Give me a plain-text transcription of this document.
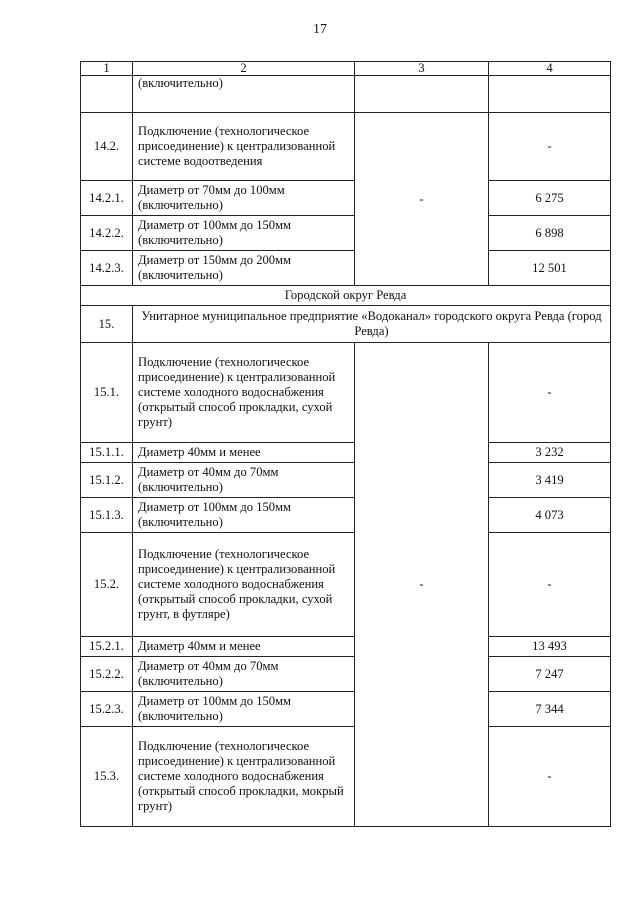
17
1	2	3	4
	(включительно)		
14.2.	Подключение (технологическое присоединение) к централизованной системе водоотведения	-	-
14.2.1.	Диаметр от 70мм до 100мм (включительно)		6 275
14.2.2.	Диаметр от 100мм до 150мм (включительно)		6 898
14.2.3.	Диаметр от 150мм до 200мм (включительно)		12 501
Городской округ Ревда			
15.	Унитарное муниципальное предприятие «Водоканал» городского округа Ревда (город Ревда)		
15.1.	Подключение (технологическое присоединение) к централизованной системе холодного водоснабжения (открытый способ прокладки, сухой грунт)	-	-
15.1.1.	Диаметр 40мм и менее		3 232
15.1.2.	Диаметр от 40мм до 70мм (включительно)		3 419
15.1.3.	Диаметр от 100мм до 150мм (включительно)		4 073
15.2.	Подключение (технологическое присоединение) к централизованной системе холодного водоснабжения (открытый способ прокладки, сухой грунт, в футляре)		-
15.2.1.	Диаметр 40мм и менее		13 493
15.2.2.	Диаметр от 40мм до 70мм (включительно)		7 247
15.2.3.	Диаметр от 100мм до 150мм (включительно)		7 344
15.3.	Подключение (технологическое присоединение) к централизованной системе холодного водоснабжения (открытый способ прокладки, мокрый грунт)		-
